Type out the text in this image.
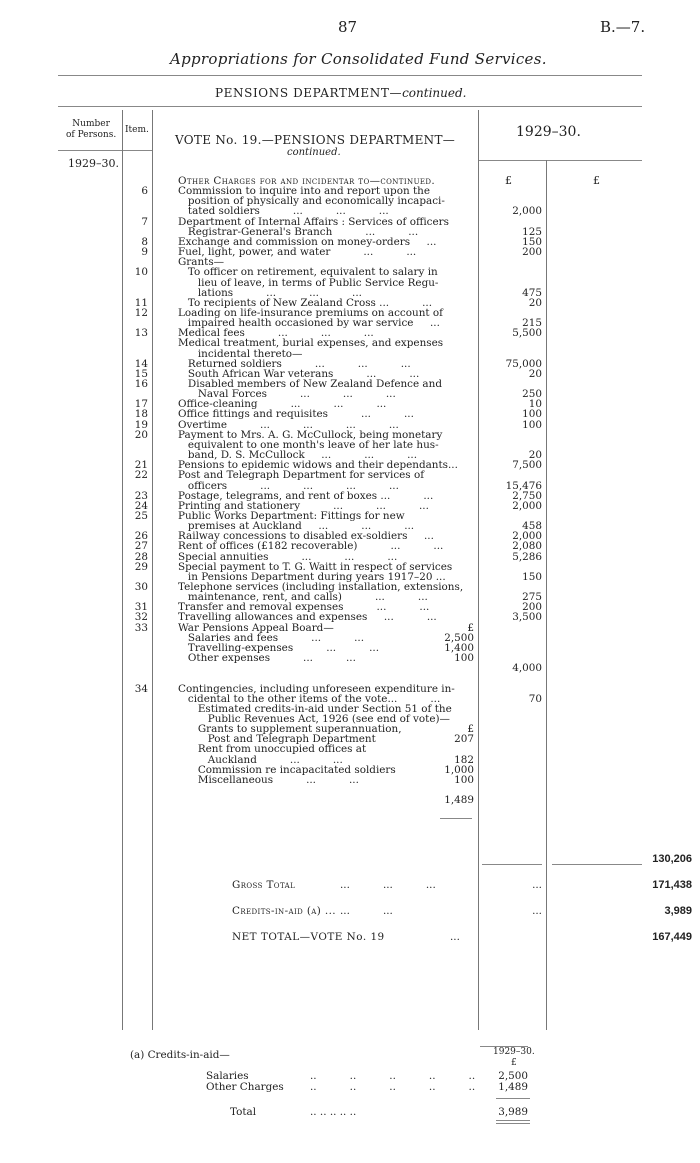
87	B.—7.
Appropriations for Consolidated Fund Services.
PENSIONS DEPARTMENT—continued.
Number
of Persons. Item.
1929–30.
VOTE No. 19.—PENSIONS DEPARTMENT—
continued.
1929–30.
£	£
Other Charges for and incidentar to—continued.
6	Commission to inquire into and report upon the
position of physically and economically incapaci-
tated soldiers          ...          ...          ...	2,000
7	Department of Internal Affairs : Services of officers
Registrar-General's Branch          ...          ...	125
8	Exchange and commission on money-orders     ...	150
9	Fuel, light, power, and water          ...          ...	200
Grants—
10	To officer on retirement, equivalent to salary in
lieu of leave, in terms of Public Service Regu-
lations          ...          ...          ...	475
11	To recipients of New Zealand Cross ...          ...	20
12	Loading on life-insurance premiums on account of
impaired health occasioned by war service     ...	215
13	Medical fees          ...          ...          ...	5,500
Medical treatment, burial expenses, and expenses
incidental thereto—
14	Returned soldiers          ...          ...          ...	75,000
15	South African War veterans          ...          ...	20
16	Disabled members of New Zealand Defence and
Naval Forces          ...          ...          ...	250
17	Office-cleaning          ...          ...          ...	10
18	Office fittings and requisites          ...          ...	100
19	Overtime          ...          ...          ...          ...	100
20	Payment to Mrs. A. G. McCullock, being monetary
equivalent to one month's leave of her late hus-
band, D. S. McCullock     ...          ...          ...	20
21	Pensions to epidemic widows and their dependants...	7,500
22	Post and Telegraph Department for services of
officers          ...          ...          ...          ...	15,476
23	Postage, telegrams, and rent of boxes ...          ...	2,750
24	Printing and stationery          ...          ...          ...	2,000
25	Public Works Department: Fittings for new
premises at Auckland     ...          ...          ...	458
26	Railway concessions to disabled ex-soldiers     ...	2,000
27	Rent of offices (£182 recoverable)          ...          ...	2,080
28	Special annuities          ...          ...          ...	5,286
29	Special payment to T. G. Waitt in respect of services
in Pensions Department during years 1917–20 ...	150
30	Telephone services (including installation, extensions,
maintenance, rent, and calls)          ...          ...	275
31	Transfer and removal expenses          ...          ...	200
32	Travelling allowances and expenses     ...          ...	3,500
33	War Pensions Appeal Board—	£
Salaries and fees          ...          ...	2,500
Travelling-expenses          ...          ...	1,400
Other expenses          ...          ...	100
4,000
34	Contingencies, including unforeseen expenditure in-
cidental to the other items of the vote...          ...	70
Estimated credits-in-aid under Section 51 of the
Public Revenues Act, 1926 (see end of vote)—
Grants to supplement superannuation,	£
Post and Telegraph Department	207
Rent from unoccupied offices at
Auckland          ...          ...	182
Commission re incapacitated soldiers	1,000
Miscellaneous          ...          ...	100
1,489
130,206
Gross Total	...          ...          ...	...	171,438
Credits-in-aid (a) ... ...          ...	...	3,989
NET TOTAL—VOTE No. 19	...	167,449
(a) Credits-in-aid—	1929–30.
£
Salaries	..          ..          ..          ..          .. 2,500
Other Charges	..          ..          ..          ..          .. 1,489
Total	.. .. .. .. ..	3,989
